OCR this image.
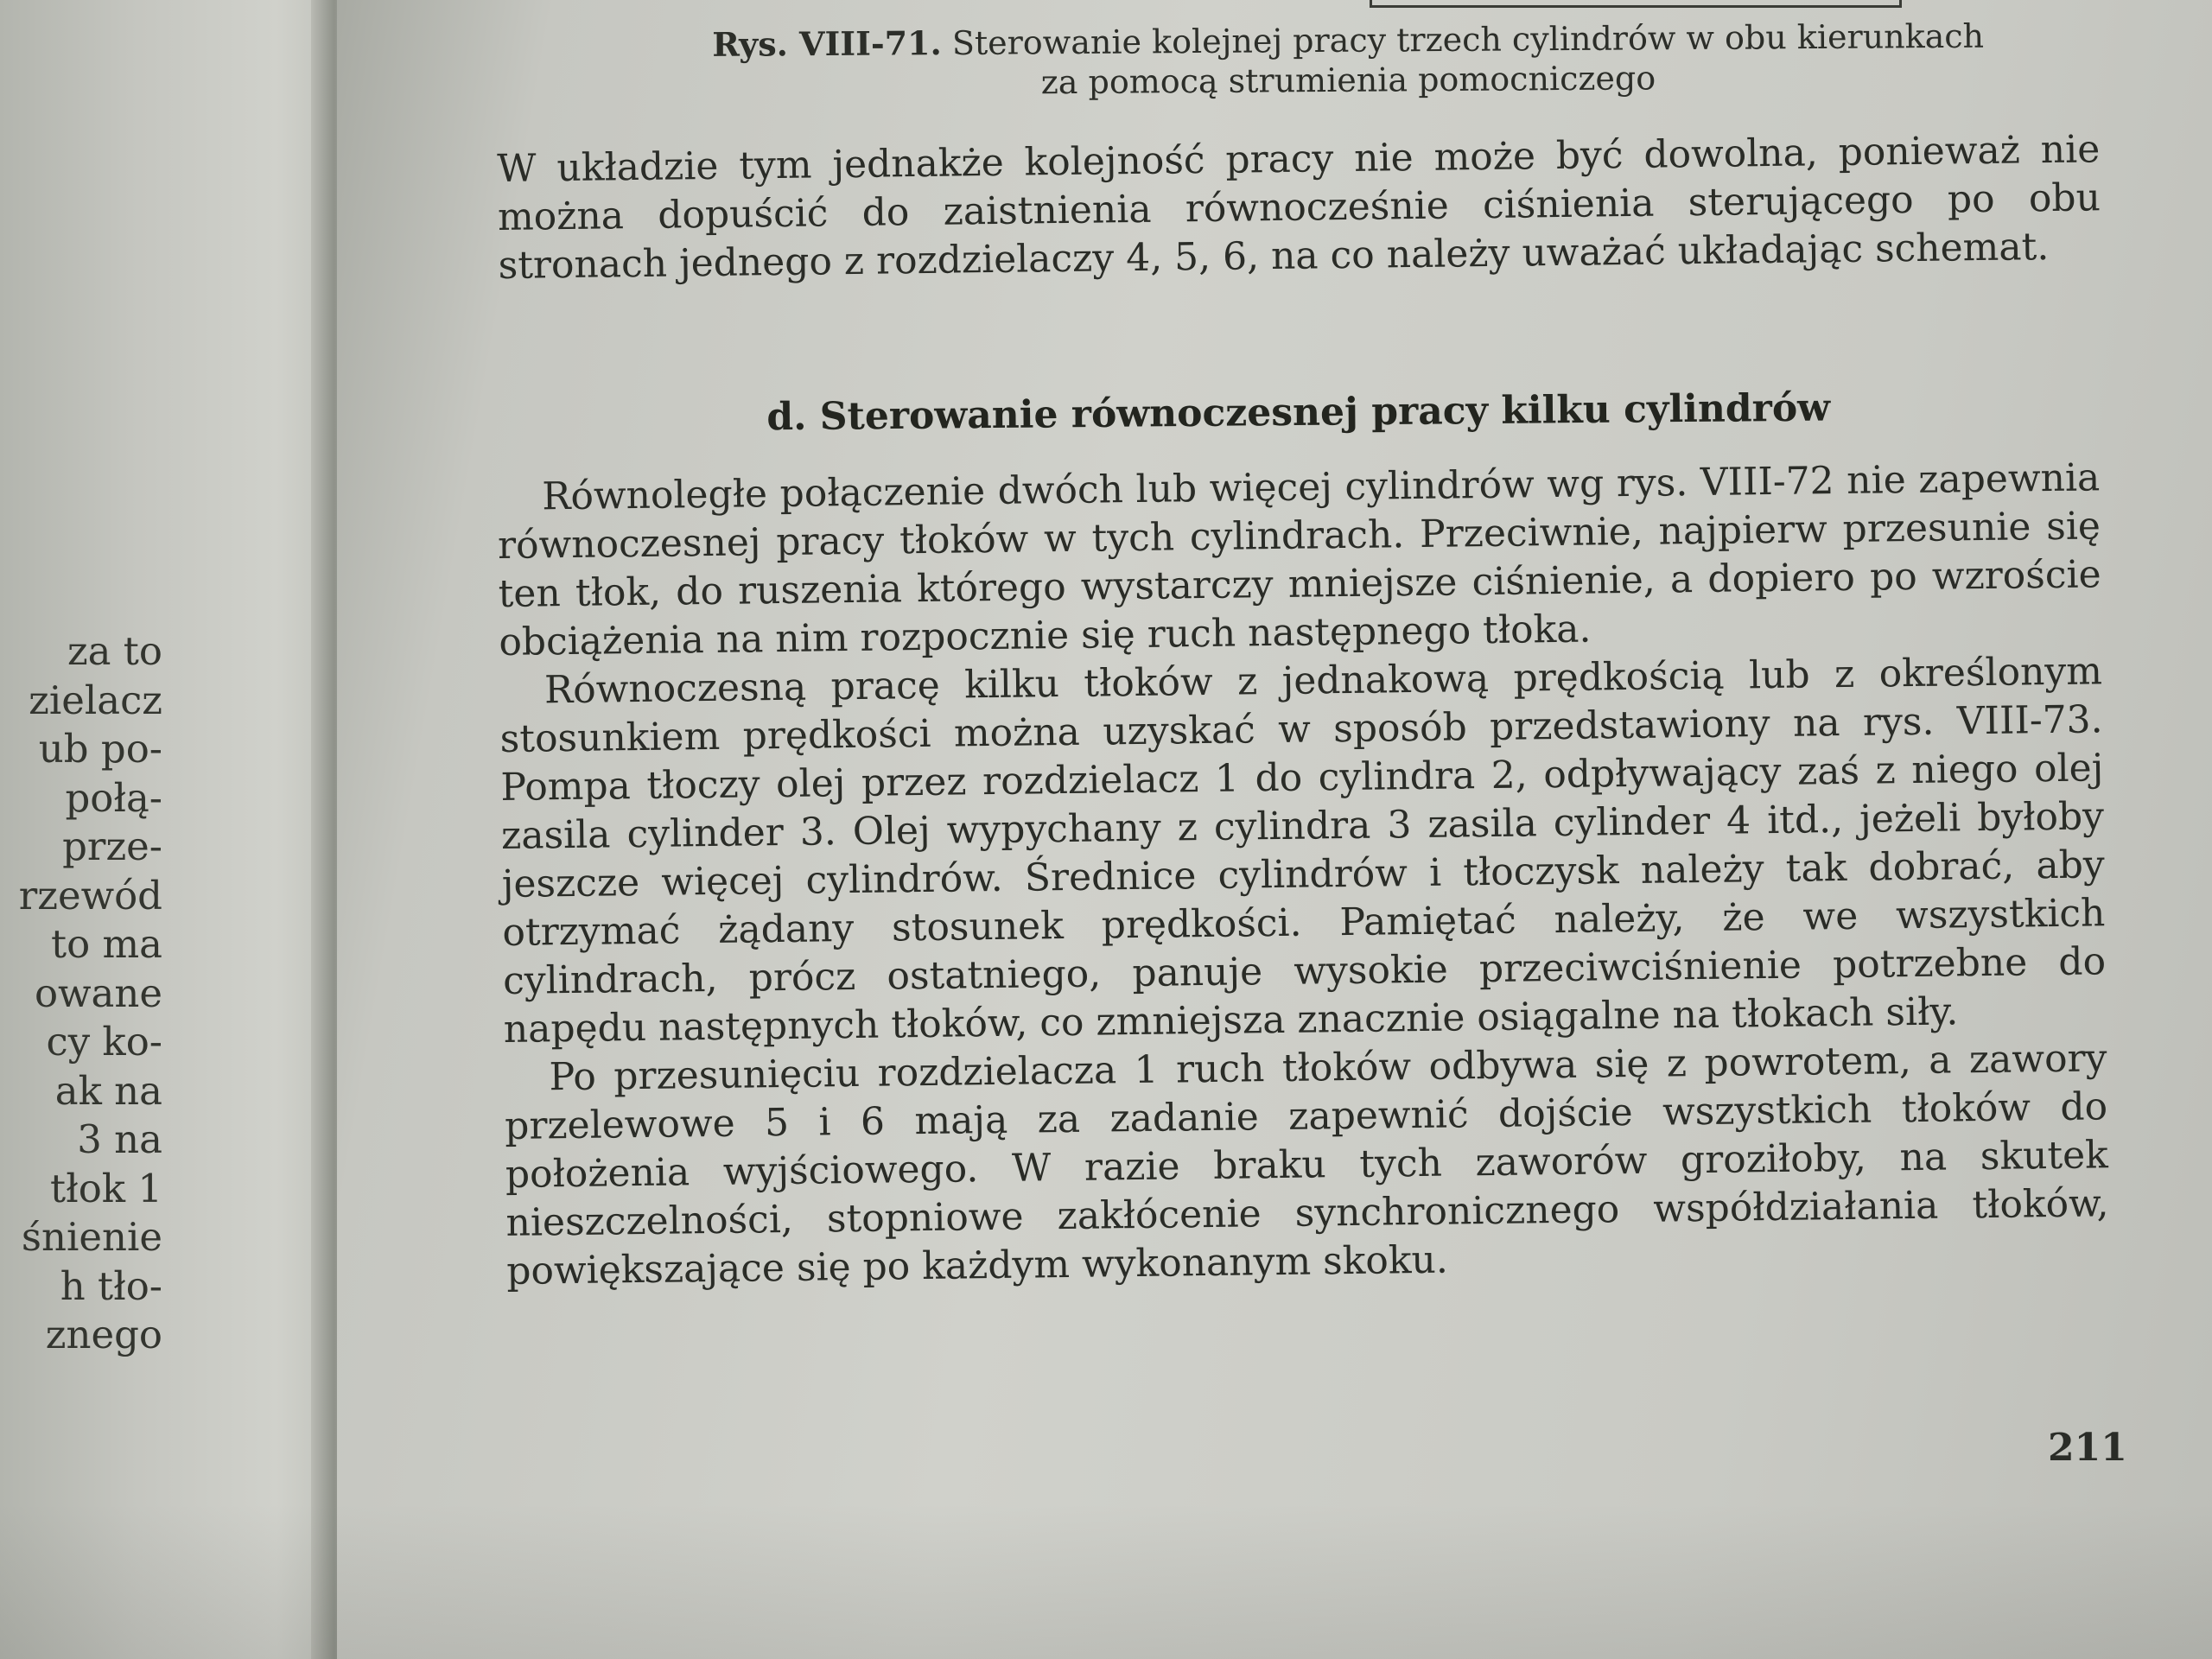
za to
zielacz
ub po-
połą-
prze-
rzewód
to ma
owane
cy ko-
ak na
3 na
tłok 1
śnienie
h tło-
znego
Rys. VIII-71. Sterowanie kolejnej pracy trzech cylindrów w obu kierunkach
za pomocą strumienia pomocniczego

W układzie tym jednakże kolejność pracy nie może być dowolna, ponieważ nie można dopuścić do zaistnienia równocześnie ciśnienia sterującego po obu stronach jednego z rozdzielaczy 4, 5, 6, na co należy uważać układając schemat.

d. Sterowanie równoczesnej pracy kilku cylindrów

Równoległe połączenie dwóch lub więcej cylindrów wg rys. VIII-72 nie zapewnia równoczesnej pracy tłoków w tych cylindrach. Przeciwnie, najpierw przesunie się ten tłok, do ruszenia którego wystarczy mniejsze ciśnienie, a dopiero po wzroście obciążenia na nim rozpocznie się ruch następnego tłoka.

Równoczesną pracę kilku tłoków z jednakową prędkością lub z określonym stosunkiem prędkości można uzyskać w sposób przedstawiony na rys. VIII-73. Pompa tłoczy olej przez rozdzielacz 1 do cylindra 2, odpływający zaś z niego olej zasila cylinder 3. Olej wypychany z cylindra 3 zasila cylinder 4 itd., jeżeli byłoby jeszcze więcej cylindrów. Średnice cylindrów i tłoczysk należy tak dobrać, aby otrzymać żądany stosunek prędkości. Pamiętać należy, że we wszystkich cylindrach, prócz ostatniego, panuje wysokie przeciwciśnienie potrzebne do napędu następnych tłoków, co zmniejsza znacznie osiągalne na tłokach siły.

Po przesunięciu rozdzielacza 1 ruch tłoków odbywa się z powrotem, a zawory przelewowe 5 i 6 mają za zadanie zapewnić dojście wszystkich tłoków do położenia wyjściowego. W razie braku tych zaworów groziłoby, na skutek nieszczelności, stopniowe zakłócenie synchronicznego współdziałania tłoków, powiększające się po każdym wykonanym skoku.

211
